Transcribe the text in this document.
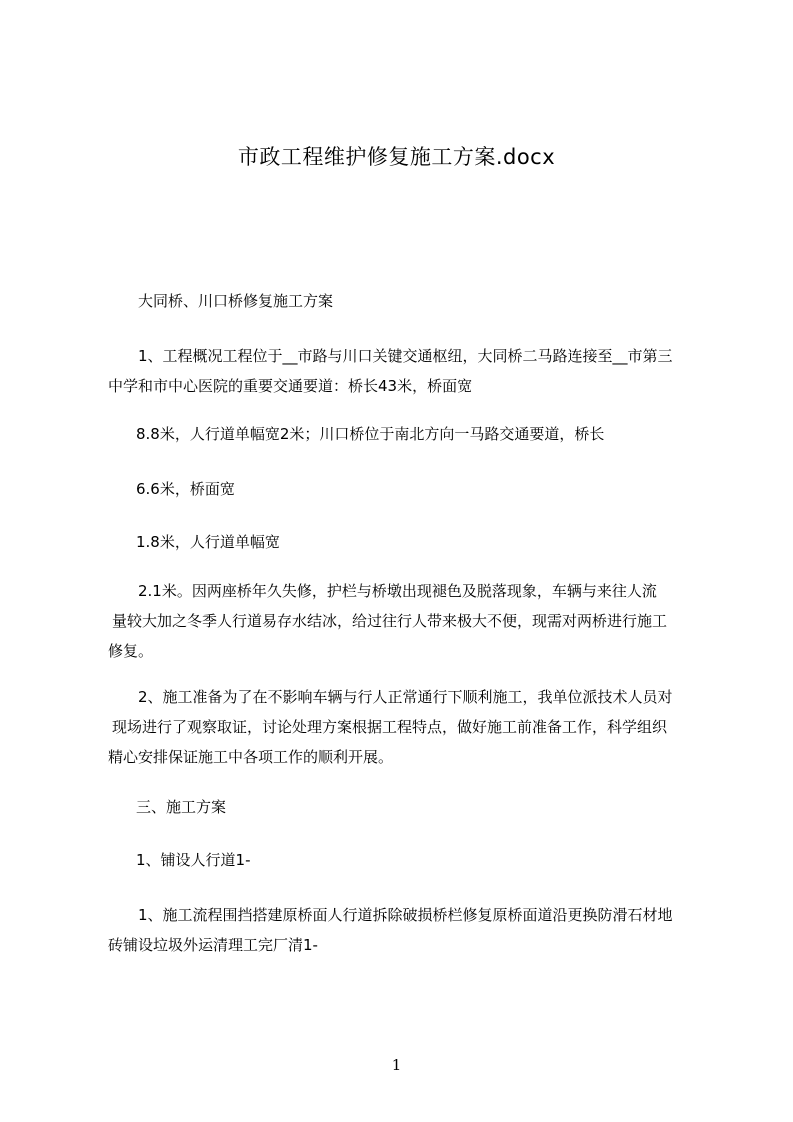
市政工程维护修复施工方案.docx

大同桥、川口桥修复施工方案

1、工程概况工程位于__市路与川口关键交通枢纽，大同桥二马路连接至__市第三
中学和市中心医院的重要交通要道：桥长43米，桥面宽

8.8米，人行道单幅宽2米；川口桥位于南北方向一马路交通要道，桥长

6.6米，桥面宽

1.8米，人行道单幅宽

2.1米。因两座桥年久失修，护栏与桥墩出现褪色及脱落现象，车辆与来往人流
量较大加之冬季人行道易存水结冰，给过往行人带来极大不便，现需对两桥进行施工
修复。

2、施工准备为了在不影响车辆与行人正常通行下顺利施工，我单位派技术人员对
现场进行了观察取证，讨论处理方案根据工程特点，做好施工前准备工作，科学组织
精心安排保证施工中各项工作的顺利开展。

三、施工方案

1、铺设人行道1-

1、施工流程围挡搭建原桥面人行道拆除破损桥栏修复原桥面道沿更换防滑石材地
砖铺设垃圾外运清理工完厂清1-

1
